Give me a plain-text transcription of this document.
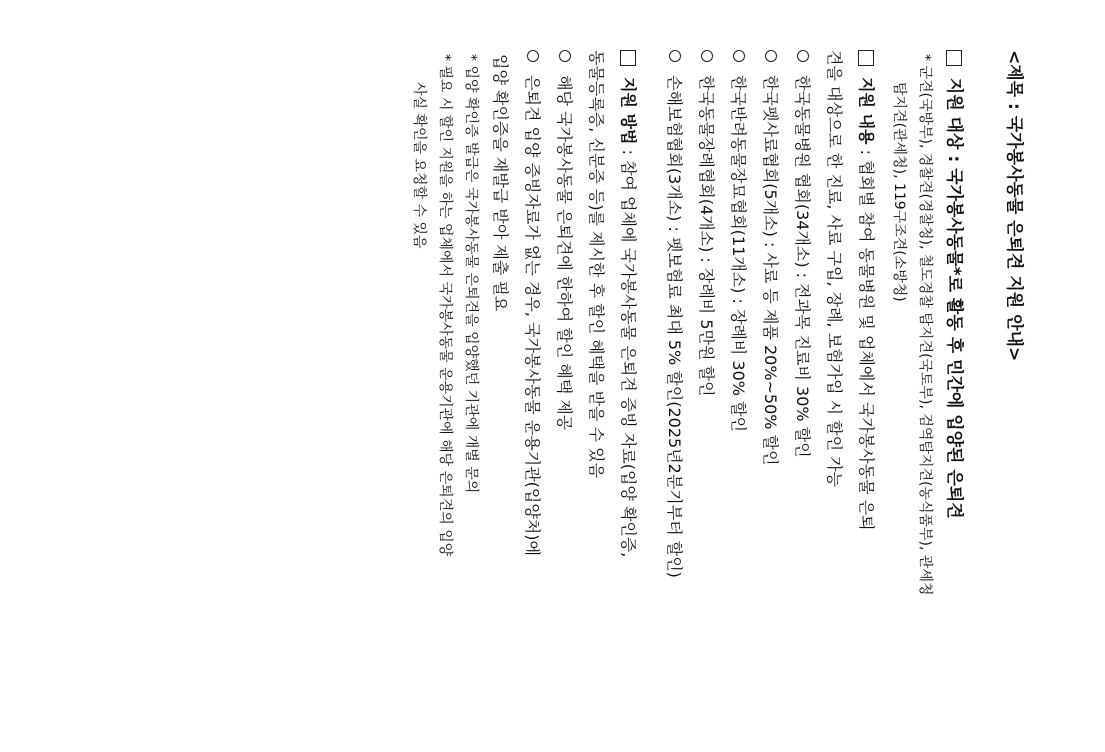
<제목 : 국가봉사동물 은퇴견 지원 안내>
지원 대상 : 국가봉사동물*로 활동 후 민간에 입양된 은퇴견
* 군견(국방부), 경찰견(경찰청), 철도경찰 탐지견(국토부), 검역탐지견(농식품부), 관세청
탐지견(관세청), 119구조견(소방청)
지원 내용 : 협회별 참여 동물병원 및 업체에서 국가봉사동물 은퇴
견을 대상으로 한 진료, 사료 구입, 장례, 보험가입 시 할인 가능
한국동물병원 협회(34개소) : 전과목 진료비 30% 할인
한국펫사료협회(5개소) : 사료 등 제품 20%~50% 할인
한국반려동물장묘협회(11개소) : 장례비 30% 할인
한국동물장례협회(4개소) : 장례비 5만원 할인
손해보험협회(3개소) : 펫보험료 최대 5% 할인(2025년2분기부터 할인)
지원 방법 : 참여 업체에 국가봉사동물 은퇴견 증빙 자료(입양 확인증,
동물등록증, 신분증 등)를 제시한 후 할인 혜택을 받을 수 있음
해당 국가봉사동물 은퇴견에 한하여 할인 혜택 제공
은퇴견 입양 증빙자료가 없는 경우, 국가봉사동물 운용기관(입양처)에
입양 확인증을 재발급 받아 제출 필요
* 입양 확인증 발급은 국가봉사동물 은퇴견을 입양했던 기관에 개별 문의
* 필요 시 할인 지원을 하는 업체에서 국가봉사동물 운용기관에 해당 은퇴견의 입양
사실 확인을 요청할 수 있음
